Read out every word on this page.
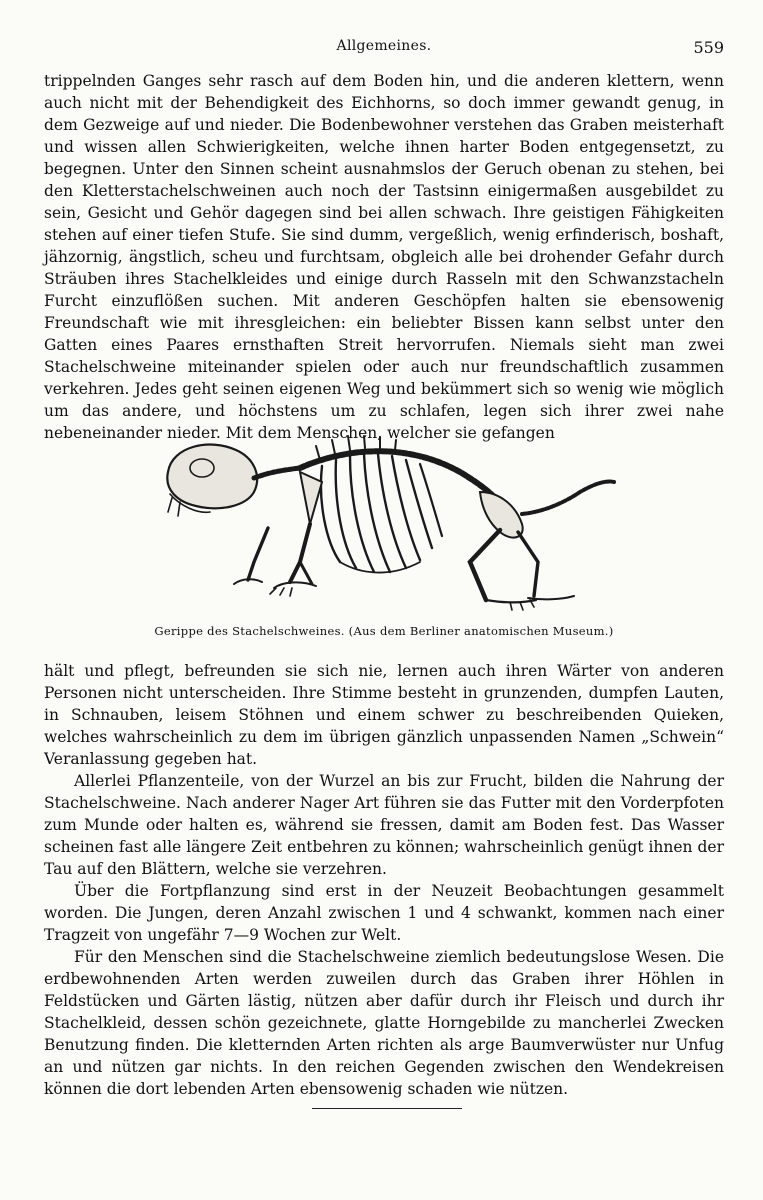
Allgemeines.	559

trippelnden Ganges sehr rasch auf dem Boden hin, und die anderen klettern, wenn auch nicht mit der Behendigkeit des Eichhorns, so doch immer gewandt genug, in dem Gezweige auf und nieder. Die Bodenbewohner verstehen das Graben meisterhaft und wissen allen Schwierigkeiten, welche ihnen harter Boden entgegensetzt, zu begegnen. Unter den Sinnen scheint ausnahmslos der Geruch obenan zu stehen, bei den Kletterstachelschweinen auch noch der Tastsinn einigermaßen ausgebildet zu sein, Gesicht und Gehör dagegen sind bei allen schwach. Ihre geistigen Fähigkeiten stehen auf einer tiefen Stufe. Sie sind dumm, vergeßlich, wenig erfinderisch, boshaft, jähzornig, ängstlich, scheu und furchtsam, obgleich alle bei drohender Gefahr durch Sträuben ihres Stachelkleides und einige durch Rasseln mit den Schwanzstacheln Furcht einzuflößen suchen. Mit anderen Geschöpfen halten sie ebensowenig Freundschaft wie mit ihresgleichen: ein beliebter Bissen kann selbst unter den Gatten eines Paares ernsthaften Streit hervorrufen. Niemals sieht man zwei Stachelschweine miteinander spielen oder auch nur freundschaftlich zusammen verkehren. Jedes geht seinen eigenen Weg und bekümmert sich so wenig wie möglich um das andere, und höchstens um zu schlafen, legen sich ihrer zwei nahe nebeneinander nieder. Mit dem Menschen, welcher sie gefangen

Gerippe des Stachelschweines. (Aus dem Berliner anatomischen Museum.)

hält und pflegt, befreunden sie sich nie, lernen auch ihren Wärter von anderen Personen nicht unterscheiden. Ihre Stimme besteht in grunzenden, dumpfen Lauten, in Schnauben, leisem Stöhnen und einem schwer zu beschreibenden Quieken, welches wahrscheinlich zu dem im übrigen gänzlich unpassenden Namen „Schwein“ Veranlassung gegeben hat.

Allerlei Pflanzenteile, von der Wurzel an bis zur Frucht, bilden die Nahrung der Stachelschweine. Nach anderer Nager Art führen sie das Futter mit den Vorderpfoten zum Munde oder halten es, während sie fressen, damit am Boden fest. Das Wasser scheinen fast alle längere Zeit entbehren zu können; wahrscheinlich genügt ihnen der Tau auf den Blättern, welche sie verzehren.

Über die Fortpflanzung sind erst in der Neuzeit Beobachtungen gesammelt worden. Die Jungen, deren Anzahl zwischen 1 und 4 schwankt, kommen nach einer Tragzeit von ungefähr 7—9 Wochen zur Welt.

Für den Menschen sind die Stachelschweine ziemlich bedeutungslose Wesen. Die erdbewohnenden Arten werden zuweilen durch das Graben ihrer Höhlen in Feldstücken und Gärten lästig, nützen aber dafür durch ihr Fleisch und durch ihr Stachelkleid, dessen schön gezeichnete, glatte Horngebilde zu mancherlei Zwecken Benutzung finden. Die kletternden Arten richten als arge Baumverwüster nur Unfug an und nützen gar nichts. In den reichen Gegenden zwischen den Wendekreisen können die dort lebenden Arten ebensowenig schaden wie nützen.
